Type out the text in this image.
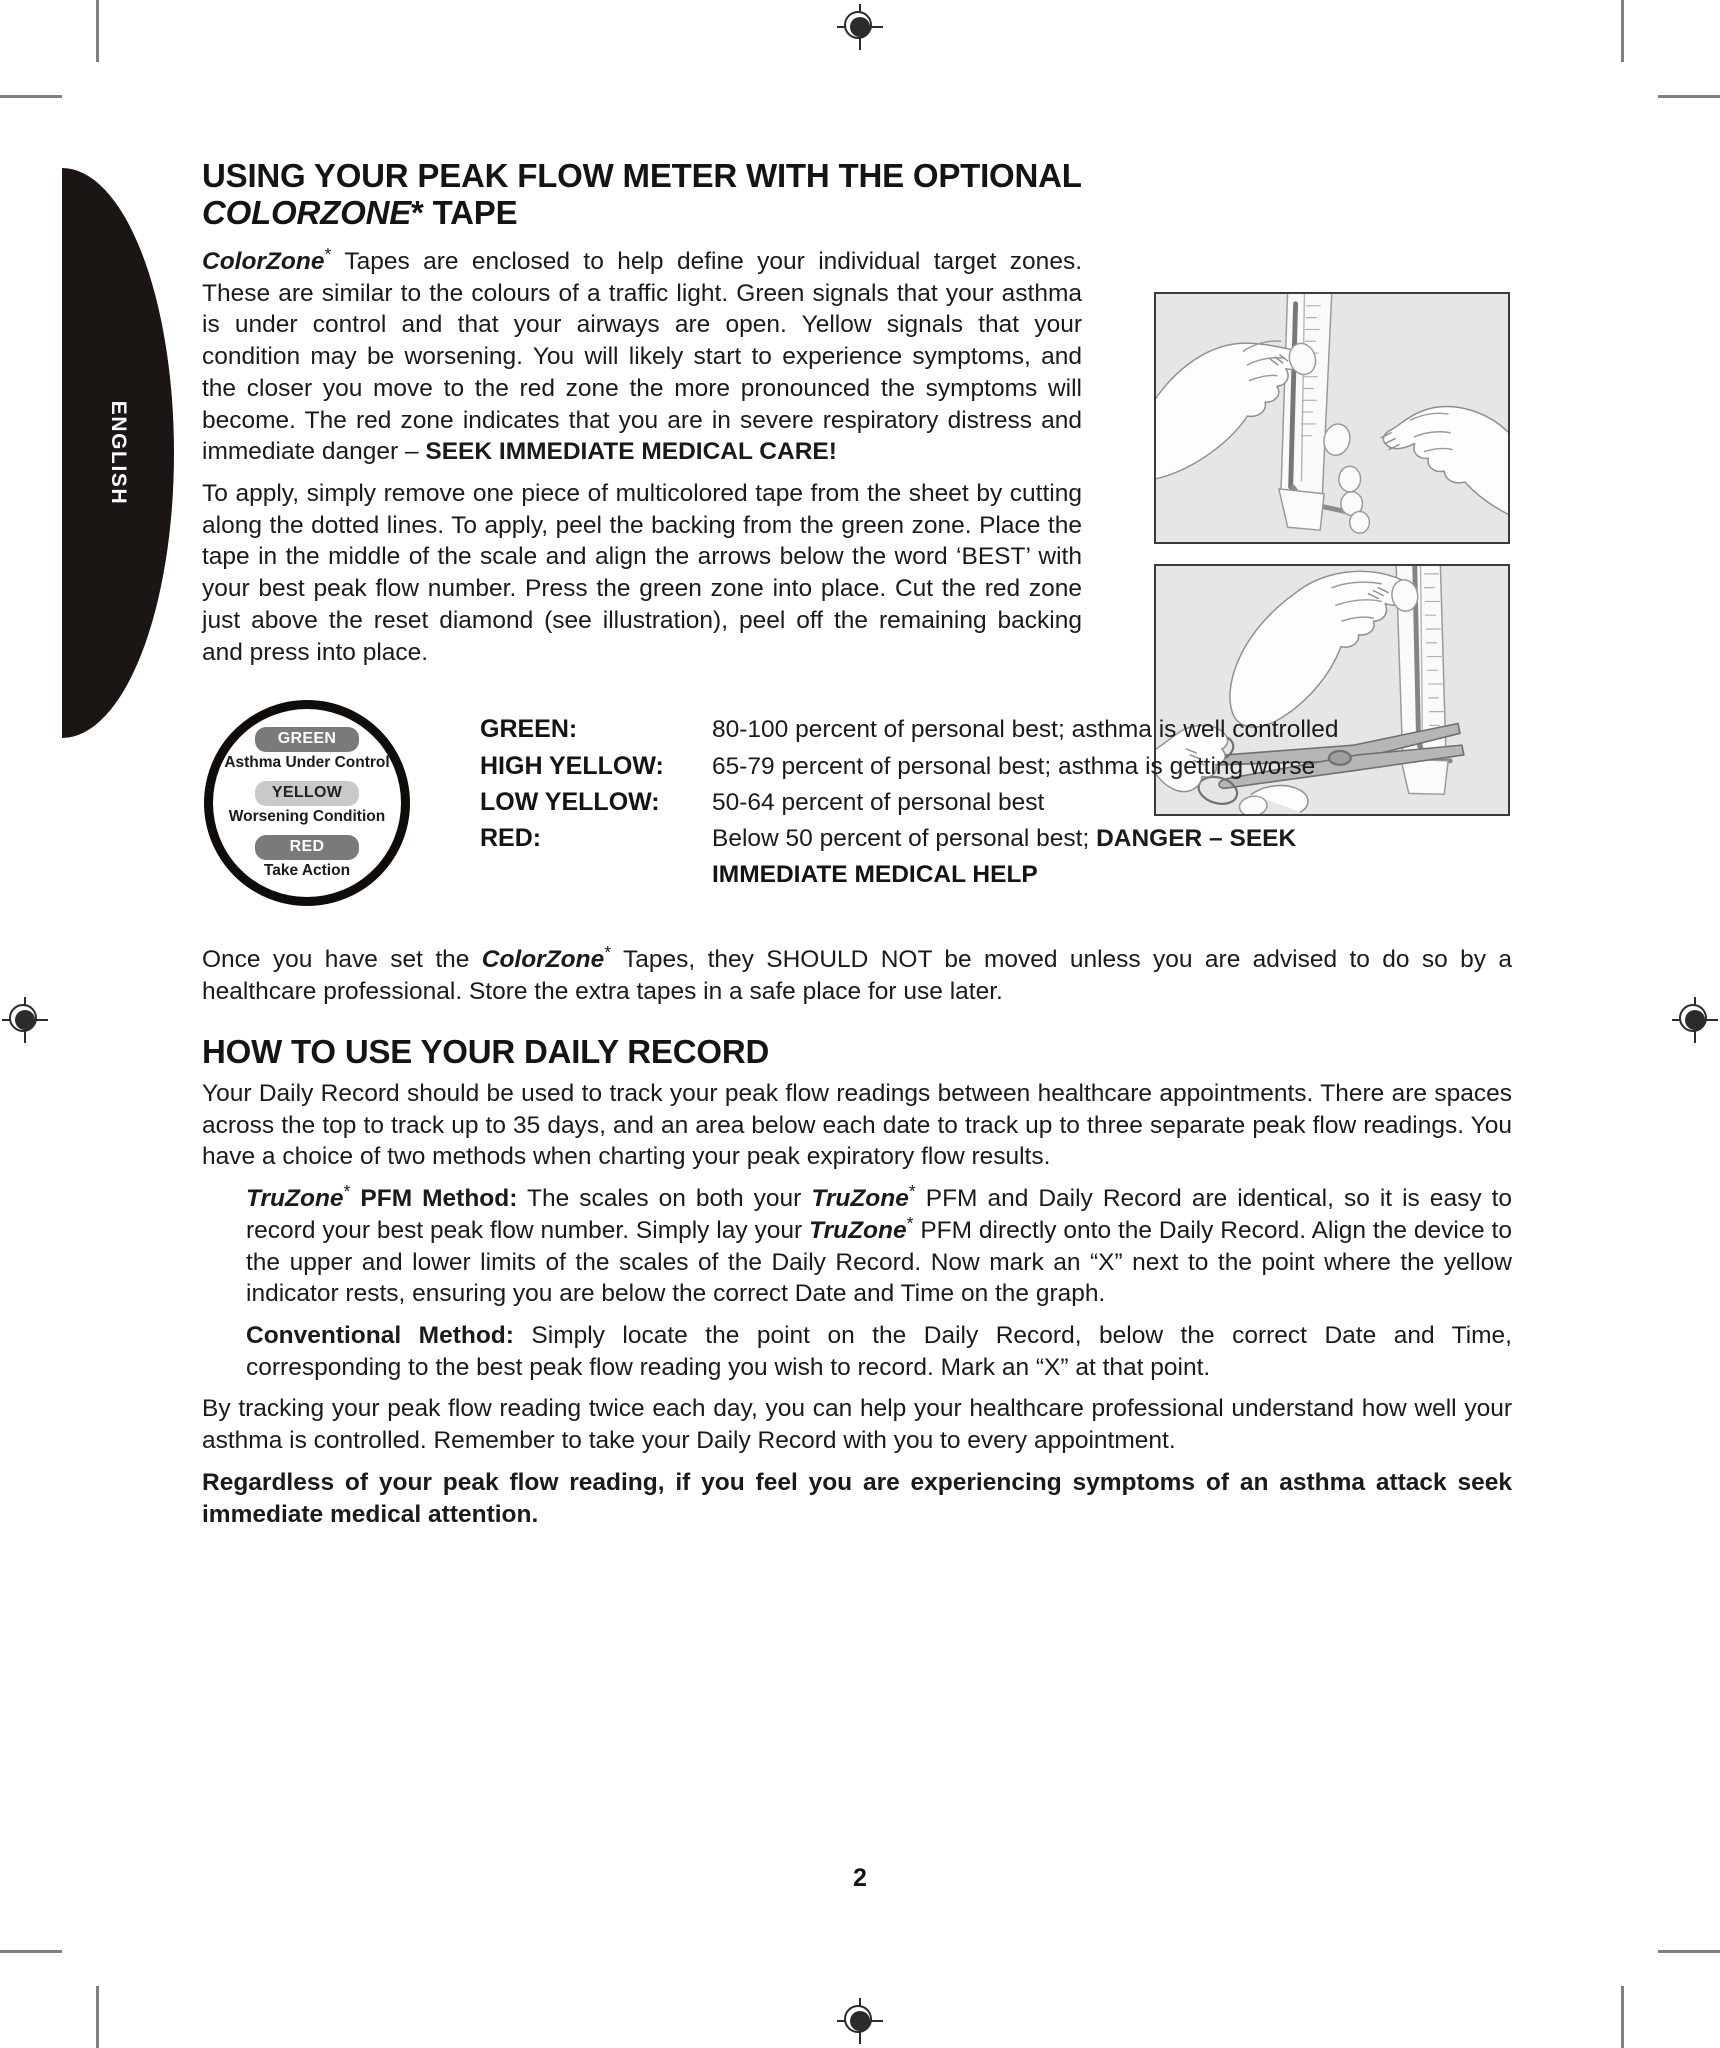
ENGLISH
USING YOUR PEAK FLOW METER WITH THE OPTIONAL
COLORZONE* TAPE

ColorZone* Tapes are enclosed to help define your individual target zones. These are similar to the colours of a traffic light. Green signals that your asthma is under control and that your airways are open. Yellow signals that your condition may be worsening. You will likely start to experience symptoms, and the closer you move to the red zone the more pronounced the symptoms will become. The red zone indicates that you are in severe respiratory distress and immediate danger – SEEK IMMEDIATE MEDICAL CARE!

To apply, simply remove one piece of multicolored tape from the sheet by cutting along the dotted lines. To apply, peel the backing from the green zone. Place the tape in the middle of the scale and align the arrows below the word ‘BEST’ with your best peak flow number. Press the green zone into place. Cut the red zone just above the reset diamond (see illustration), peel off the remaining backing and press into place.

GREEN
Asthma Under Control
YELLOW
Worsening Condition
RED
Take Action
GREEN:	80-100 percent of personal best; asthma is well controlled
HIGH YELLOW:	65-79 percent of personal best; asthma is getting worse
LOW YELLOW:	50-64 percent of personal best
RED:	Below 50 percent of personal best; DANGER – SEEK
IMMEDIATE MEDICAL HELP

Once you have set the ColorZone* Tapes, they SHOULD NOT be moved unless you are advised to do so by a healthcare professional. Store the extra tapes in a safe place for use later.

HOW TO USE YOUR DAILY RECORD

Your Daily Record should be used to track your peak flow readings between healthcare appointments. There are spaces across the top to track up to 35 days, and an area below each date to track up to three separate peak flow readings. You have a choice of two methods when charting your peak expiratory flow results.

TruZone* PFM Method: The scales on both your TruZone* PFM and Daily Record are identical, so it is easy to record your best peak flow number. Simply lay your TruZone* PFM directly onto the Daily Record. Align the device to the upper and lower limits of the scales of the Daily Record. Now mark an “X” next to the point where the yellow indicator rests, ensuring you are below the correct Date and Time on the graph.

Conventional Method: Simply locate the point on the Daily Record, below the correct Date and Time, corresponding to the best peak flow reading you wish to record. Mark an “X” at that point.

By tracking your peak flow reading twice each day, you can help your healthcare professional understand how well your asthma is controlled. Remember to take your Daily Record with you to every appointment.

Regardless of your peak flow reading, if you feel you are experiencing symptoms of an asthma attack seek immediate medical attention.

2
